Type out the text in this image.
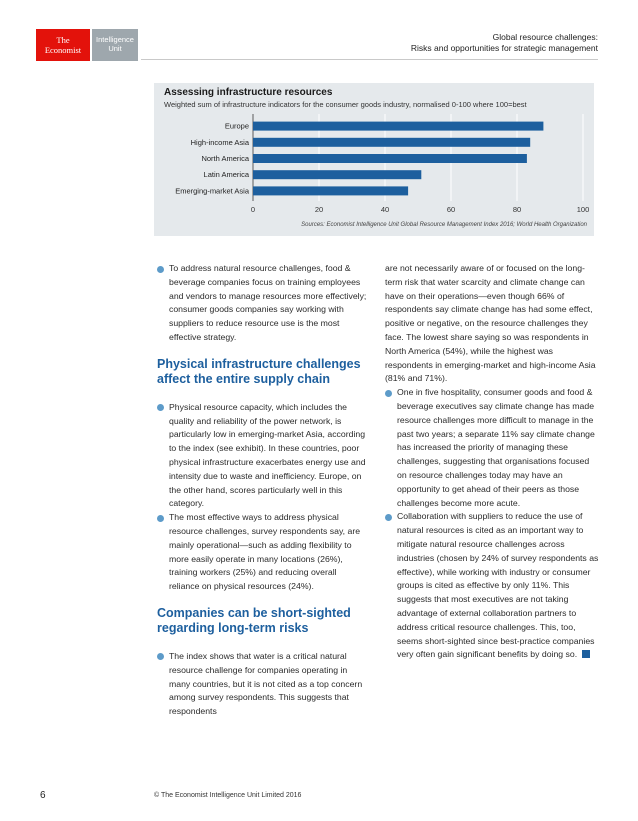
The
Economist
Intelligence
Unit
Global resource challenges:
Risks and opportunities for strategic management
0	20	40	60	80	100
Europe
High-income Asia
North America
Latin America
Emerging-market Asia
Assessing infrastructure resources
Weighted sum of infrastructure indicators for the consumer goods industry, normalised 0-100 where 100=best
Sources: Economist Intelligence Unit Global Resource Management Index 2016; World Health Organization

To address natural resource challenges, food & beverage companies focus on training employees and vendors to manage resources more effectively; consumer goods companies say working with suppliers to reduce resource use is the most effective strategy.

Physical infrastructure challenges affect the entire supply chain

Physical resource capacity, which includes the quality and reliability of the power network, is particularly low in emerging-market Asia, according to the index (see exhibit). In these countries, poor physical infrastructure exacerbates energy use and intensity due to waste and inefficiency. Europe, on the other hand, scores particularly well in this category.

The most effective ways to address physical resource challenges, survey respondents say, are mainly operational—such as adding flexibility to more easily operate in many locations (26%), training workers (25%) and reducing overall reliance on physical resources (24%).

Companies can be short-sighted regarding long-term risks

The index shows that water is a critical natural resource challenge for companies operating in many countries, but it is not cited as a top concern among survey respondents. This suggests that respondents

are not necessarily aware of or focused on the long-term risk that water scarcity and climate change can have on their operations—even though 66% of respondents say climate change has had some effect, positive or negative, on the resource challenges they face. The lowest share saying so was respondents in North America (54%), while the highest was respondents in emerging-market and high-income Asia (81% and 71%).

One in five hospitality, consumer goods and food & beverage executives say climate change has made resource challenges more difficult to manage in the past two years; a separate 11% say climate change has increased the priority of managing these challenges, suggesting that organisations focused on resource challenges today may have an opportunity to get ahead of their peers as those challenges become more acute.

Collaboration with suppliers to reduce the use of natural resources is cited as an important way to mitigate natural resource challenges across industries (chosen by 24% of survey respondents as effective), while working with industry or consumer groups is cited as effective by only 11%. This suggests that most executives are not taking advantage of external collaboration partners to address critical resource challenges. This, too, seems short-sighted since best-practice companies very often gain significant benefits by doing so.

6	© The Economist Intelligence Unit Limited 2016
